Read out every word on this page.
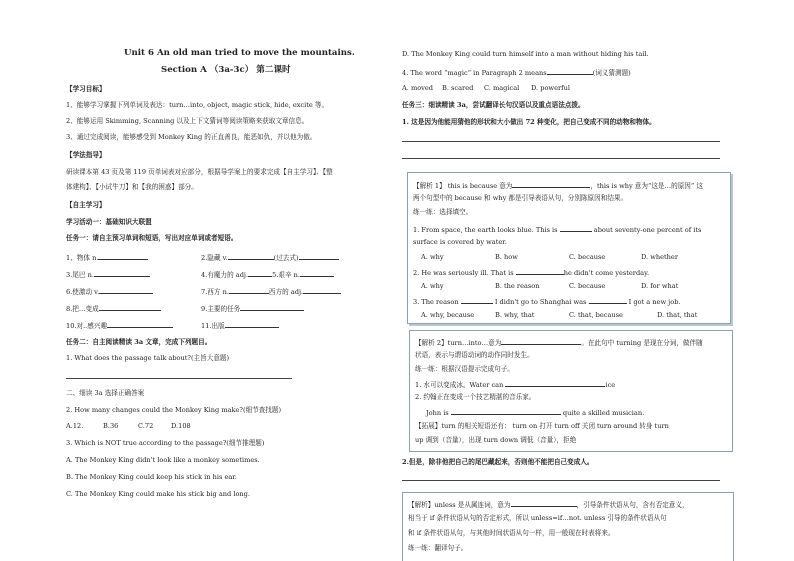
Unit 6 An old man tried to move the mountains.
Section A （3a-3c） 第二课时
【学习目标】
1、能够学习掌握下列单词及表达：turn…into, object, magic stick, hide, excite 等。
2、能够运用 Skimming, Scanning 以及上下文猜词等阅读策略来获取文章信息。
3、通过完成阅读，能够感受到 Monkey King 的正直善良，能恶如仇，并以他为傲。
【学法指导】
研读课本第 43 页及第 119 页单词表对应部分，根据导学案上的要求完成【自主学习】、【整
体建构】、【小试牛刀】和【我的困惑】部分。
【自主学习】
学习活动一：基础知识大联盟
任务一：请自主预习单词和短语，写出对应单词或者短语。
1、物体 n.	2.隐藏 v.	(过去式)
3.尾巴 n.	4.有魔力的 adj.	5.艰辛 n.
6.使激动 v.	7.西方 n.	西方的 adj.
8.把…变成	9.主要的任务
10.对..感兴趣	11.出版
任务二：自主阅读精读 3a 文章，完成下列题目。
1. What does the passage talk about?(主旨大意题)
二、细读 3a 选择正确答案
2. How many changes could the Monkey King make?(细节查找题)
A.12.	B.36	C.72	D.108
3. Which is NOT true according to the passage?(细节推理题)
A. The Monkey King didn't look like a monkey sometimes.
B. The Monkey King could keep his stick in his ear.
C. The Monkey King could make his stick big and long.
D. The Monkey King could turn himself into a man without hiding his tail.
4. The word “magic” in Paragraph 2 means	(词义猜测题)
A. moved B. scared C. magical D. powerful
任务三：细读精读 3a，尝试翻译长句汉语以及重点语法点拨。
1. 这是因为他能用猜他的形状和大小做出 72 种变化，把自己变成不同的动物和物体。
【解析 1】 this is because 意为	，this is why 意为“这是…的原因” 这
两个句型中的 because 和 why 都是引导表语从句，分别陈原因和结果。
练一练：选择填空。
1. From space, the earth looks blue. This is	about seventy-one percent of its
surface is covered by water.
A. why	B. how	C. because	D. whether
2. He was seriously ill. That is	he didn't come yesterday.
A. why	B. the reason	C. because	D. for what
3. The reason	I didn't go to Shanghai was	I got a new job.
A. why, because	B. why, that	C. that, because	D. that, that
【解析 2】turn…into…意为	。在此句中 turning 是现在分词，做伴随
状语，表示与谓语动词的动作同时发生。
练一练：根据汉语提示完成句子。
1. 水可以变成冰。Water can	ice
2. 约翰正在变成一个技艺精湛的音乐家。
John is	quite a skilled musician.
【拓展】turn 的相关短语还有： turn on 打开 turn off 关闭 turn around 转身 turn
up 调到（音量），出现 turn down 调低（音量），拒绝
2.但是，除非他把自己的尾巴藏起来，否则他不能把自己变成人。
【解析】unless 是从属连词，意为	，引导条件状语从句，含有否定意义，
相当于 if 条件状语从句的否定形式，所以 unless=if…not. unless 引导的条件状语从句
和 if 条件状语从句，与其他时间状语从句一样，用一般现在时表将来。
练一练：翻译句子。
